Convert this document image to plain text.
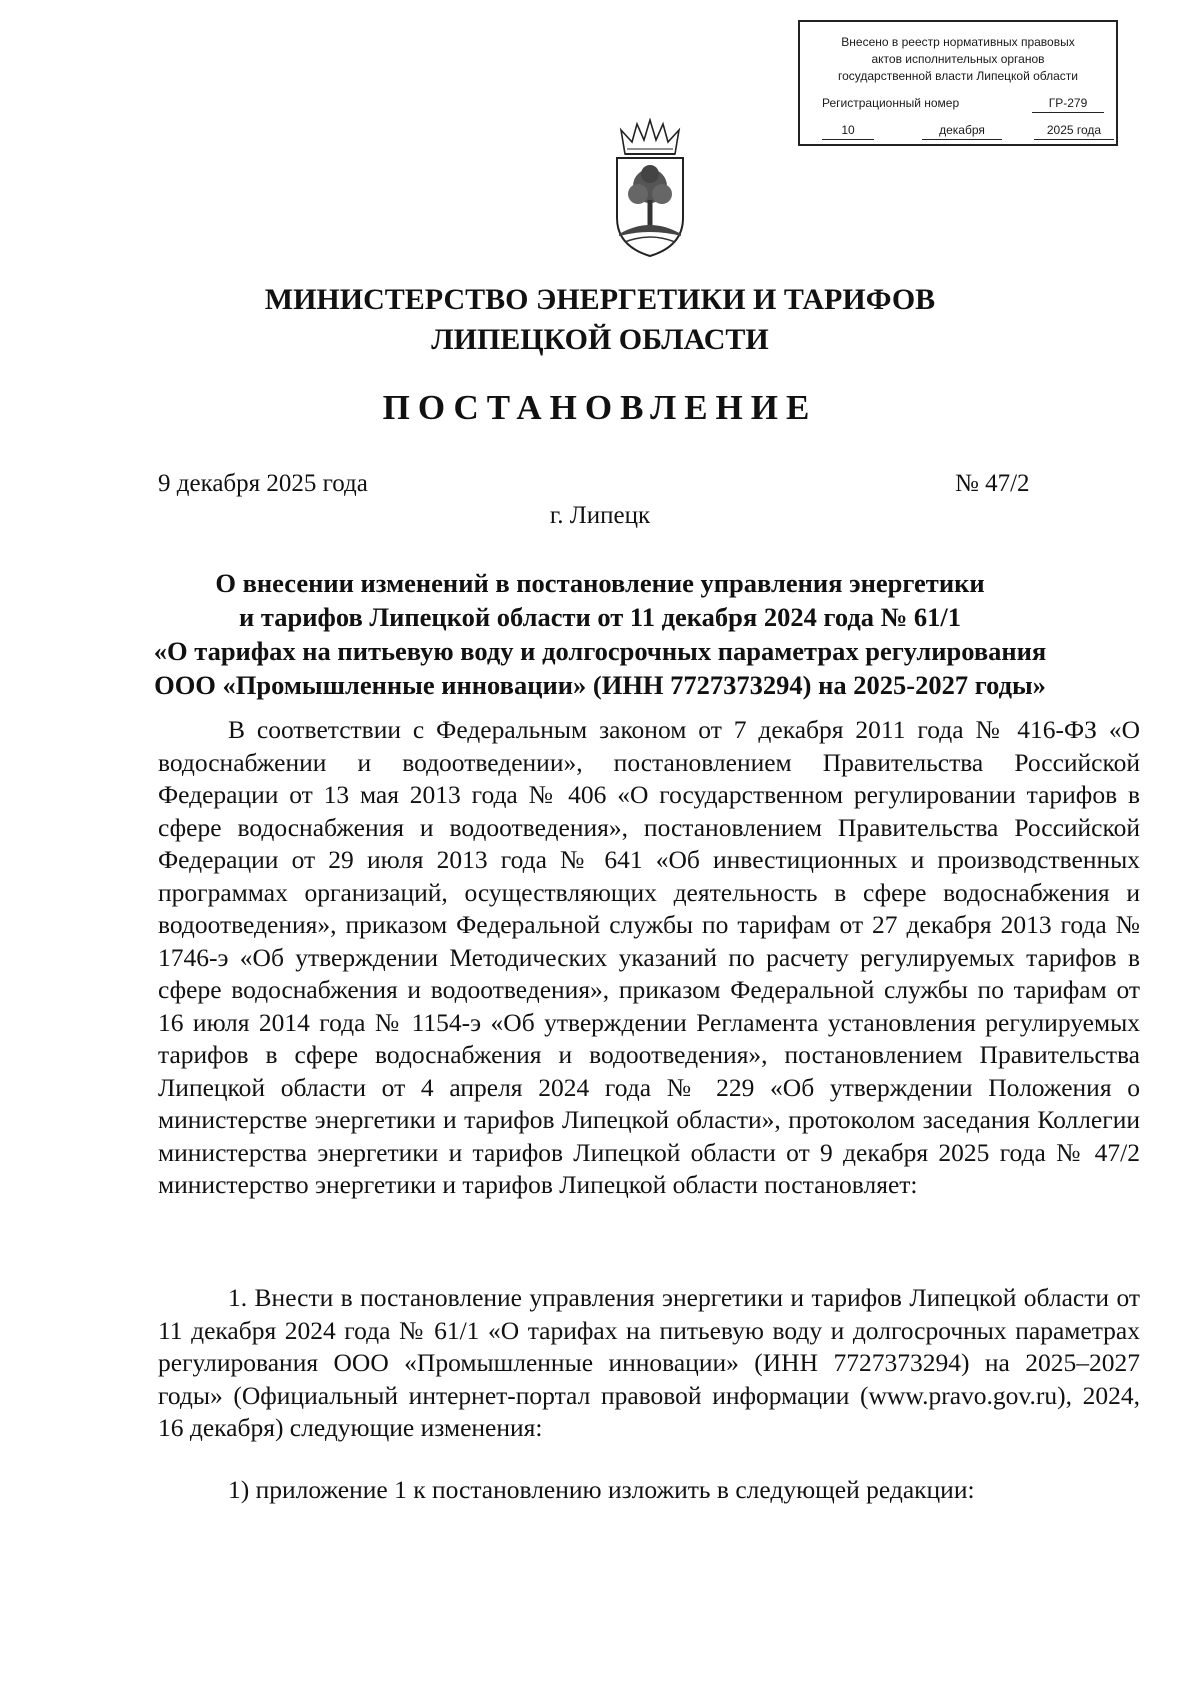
Внесено в реестр нормативных правовых
актов исполнительных органов
государственной власти Липецкой области
Регистрационный номер	ГР-279
10	декабря	2025 года
МИНИСТЕРСТВО ЭНЕРГЕТИКИ И ТАРИФОВ
ЛИПЕЦКОЙ ОБЛАСТИ
ПОСТАНОВЛЕНИЕ
9 декабря 2025 года	№ 47/2
г. Липецк
О внесении изменений в постановление управления энергетики
и тарифов Липецкой области от 11 декабря 2024 года № 61/1
«О тарифах на питьевую воду и долгосрочных параметрах регулирования
ООО «Промышленные инновации» (ИНН 7727373294) на 2025-2027 годы»

В соответствии с Федеральным законом от 7 декабря 2011 года № 416-ФЗ «О водоснабжении и водоотведении», постановлением Правительства Российской Федерации от 13 мая 2013 года № 406 «О государственном регулировании тарифов в сфере водоснабжения и водоотведения», постановлением Правительства Российской Федерации от 29 июля 2013 года № 641 «Об инвестиционных и производственных программах организаций, осуществляющих деятельность в сфере водоснабжения и водоотведения», приказом Федеральной службы по тарифам от 27 декабря 2013 года № 1746-э «Об утверждении Методических указаний по расчету регулируемых тарифов в сфере водоснабжения и водоотведения», приказом Федеральной службы по тарифам от 16 июля 2014 года № 1154-э «Об утверждении Регламента установления регулируемых тарифов в сфере водоснабжения и водоотведения», постановлением Правительства Липецкой области от 4 апреля 2024 года № 229 «Об утверждении Положения о министерстве энергетики и тарифов Липецкой области», протоколом заседания Коллегии министерства энергетики и тарифов Липецкой области от 9 декабря 2025 года № 47/2 министерство энергетики и тарифов Липецкой области постановляет:

1. Внести в постановление управления энергетики и тарифов Липецкой области от 11 декабря 2024 года № 61/1 «О тарифах на питьевую воду и долгосрочных параметрах регулирования ООО «Промышленные инновации» (ИНН 7727373294) на 2025–2027 годы» (Официальный интернет-портал правовой информации (www.pravo.gov.ru), 2024, 16 декабря) следующие изменения:

1) приложение 1 к постановлению изложить в следующей редакции:
